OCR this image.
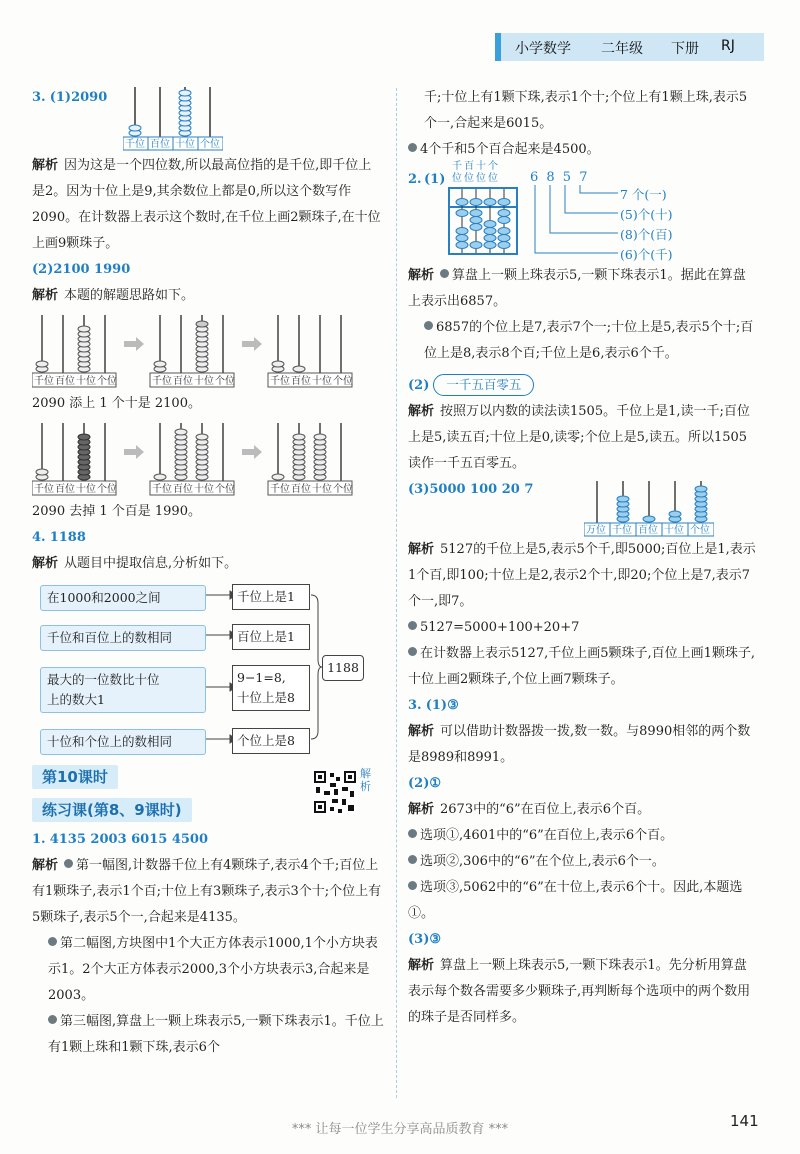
小学数学 二年级 下册 RJ

3. (1)2090
千位 百位 十位 个位

解析 因为这是一个四位数,所以最高位指的是千位,即千位上是2。因为十位上是9,其余数位上都是0,所以这个数写作2090。在计数器上表示这个数时,在千位上画2颗珠子,在十位上画9颗珠子。

(2)2100 1990

解析 本题的解题思路如下。

千位 百位 十位 个位	千位 百位 十位 个位	千位 百位 十位 个位

2090 添上 1 个十是 2100。

千位 百位 十位 个位	千位 百位 十位 个位	千位 百位 十位 个位

2090 去掉 1 个百是 1990。

4. 1188

解析 从题目中提取信息,分析如下。

在1000和2000之间	千位上是1
千位和百位上的数相同	百位上是1
最大的一位数比十位
上的数大1
9−1=8,
十位上是8
十位和个位上的数相同	个位上是8
1188
第10课时
练习课(第8、9课时)
解析

1. 4135 2003 6015 4500

解析 第一幅图,计数器千位上有4颗珠子,表示4个千;百位上有1颗珠子,表示1个百;十位上有3颗珠子,表示3个十;个位上有5颗珠子,表示5个一,合起来是4135。

第二幅图,方块图中1个大正方体表示1000,1个小方块表示1。2个大正方体表示2000,3个小方块表示3,合起来是2003。

第三幅图,算盘上一颗上珠表示5,一颗下珠表示1。千位上有1颗上珠和1颗下珠,表示6个

千;十位上有1颗下珠,表示1个十;个位上有1颗上珠,表示5个一,合起来是6015。

4个千和5个百合起来是4500。

2. (1)
千百十个
位位位位 6 8 5 7
7 个(一)
(5)个(十)
(8)个(百)
(6)个(千)

解析 算盘上一颗上珠表示5,一颗下珠表示1。据此在算盘上表示出6857。

6857的个位上是7,表示7个一;十位上是5,表示5个十;百位上是8,表示8个百;千位上是6,表示6个千。

(2) 一千五百零五

解析 按照万以内数的读法读1505。千位上是1,读一千;百位上是5,读五百;十位上是0,读零;个位上是5,读五。所以1505读作一千五百零五。

(3)5000 100 20 7
万位 千位 百位 十位 个位

解析 5127的千位上是5,表示5个千,即5000;百位上是1,表示1个百,即100;十位上是2,表示2个十,即20;个位上是7,表示7个一,即7。

5127=5000+100+20+7

在计数器上表示5127,千位上画5颗珠子,百位上画1颗珠子,十位上画2颗珠子,个位上画7颗珠子。

3. (1)③

解析 可以借助计数器拨一拨,数一数。与8990相邻的两个数是8989和8991。

(2)①

解析 2673中的“6”在百位上,表示6个百。

选项①,4601中的“6”在百位上,表示6个百。

选项②,306中的“6”在个位上,表示6个一。

选项③,5062中的“6”在十位上,表示6个十。因此,本题选①。

(3)③

解析 算盘上一颗上珠表示5,一颗下珠表示1。先分析用算盘表示每个数各需要多少颗珠子,再判断每个选项中的两个数用的珠子是否同样多。

*** 让每一位学生分享高品质教育 ***	141
